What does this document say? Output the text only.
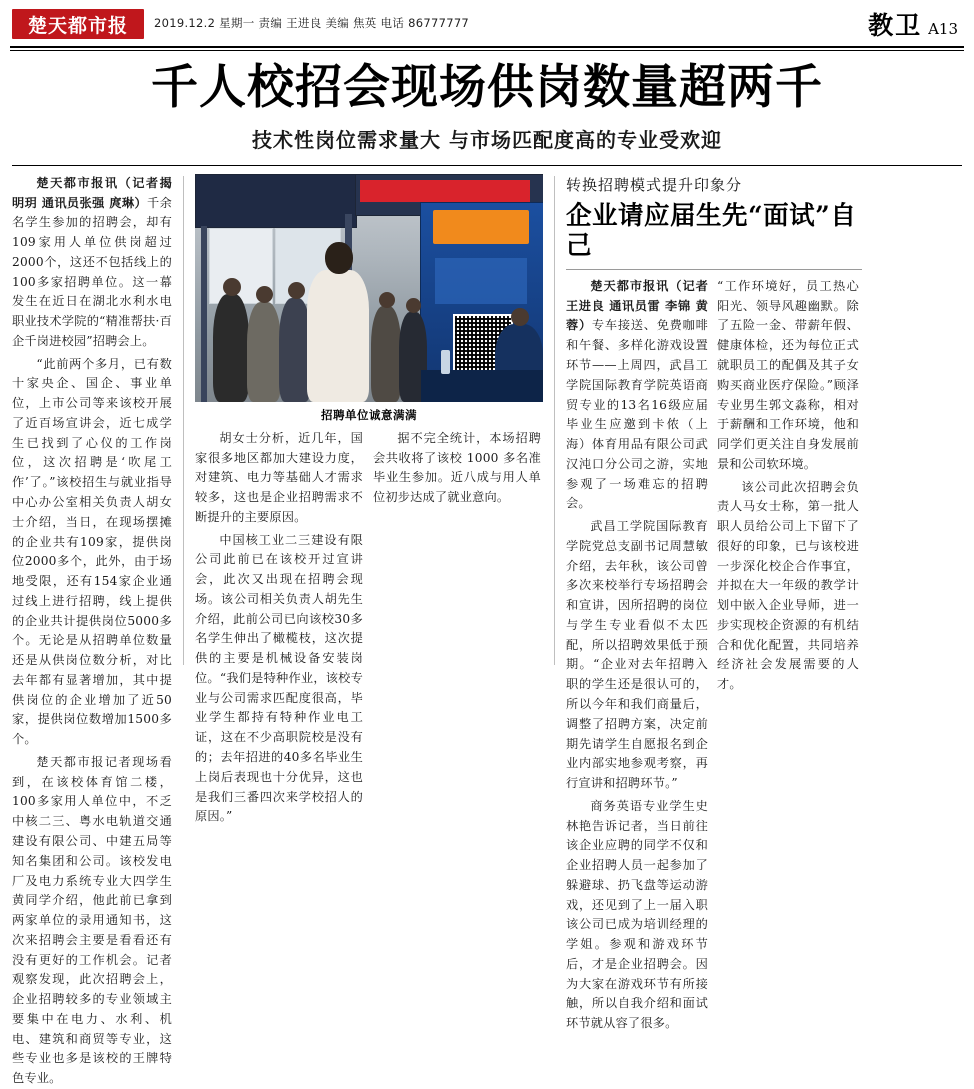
楚天都市报	2019.12.2 星期一 责编 王进良 美编 焦英 电话 86777777	教卫 A13
千人校招会现场供岗数量超两千
技术性岗位需求量大 与市场匹配度高的专业受欢迎

楚天都市报讯（记者揭明玥 通讯员张强 庹琳）千余名学生参加的招聘会，却有109家用人单位供岗超过2000个，这还不包括线上的100多家招聘单位。这一幕发生在近日在湖北水利水电职业技术学院的“精准帮扶·百企千岗进校园”招聘会上。

“此前两个多月，已有数十家央企、国企、事业单位，上市公司等来该校开展了近百场宣讲会，近七成学生已找到了心仪的工作岗位，这次招聘是‘吹尾工作’了。”该校招生与就业指导中心办公室相关负责人胡女士介绍，当日，在现场摆摊的企业共有109家，提供岗位2000多个，此外，由于场地受限，还有154家企业通过线上进行招聘，线上提供的企业共计提供岗位5000多个。无论是从招聘单位数量还是从供岗位数分析，对比去年都有显著增加，其中提供岗位的企业增加了近50家，提供岗位数增加1500多个。

楚天都市报记者现场看到，在该校体育馆二楼，100多家用人单位中，不乏中核二三、粤水电轨道交通建设有限公司、中建五局等知名集团和公司。该校发电厂及电力系统专业大四学生黄同学介绍，他此前已拿到两家单位的录用通知书，这次来招聘会主要是看看还有没有更好的工作机会。记者观察发现，此次招聘会上，企业招聘较多的专业领域主要集中在电力、水利、机电、建筑和商贸等专业，这些专业也多是该校的王牌特色专业。

招聘单位诚意满满

胡女士分析，近几年，国家很多地区都加大建设力度，对建筑、电力等基础人才需求较多，这也是企业招聘需求不断提升的主要原因。

中国核工业二三建设有限公司此前已在该校开过宣讲会，此次又出现在招聘会现场。该公司相关负责人胡先生介绍，此前公司已向该校30多名学生伸出了橄榄枝，这次提供的主要是机械设备安装岗位。“我们是特种作业，该校专业与公司需求匹配度很高，毕业学生都持有特种作业电工证，这在不少高职院校是没有的；去年招进的40多名毕业生上岗后表现也十分优异，这也是我们三番四次来学校招人的原因。”

据不完全统计，本场招聘会共收将了该校 1000 多名准毕业生参加。近八成与用人单位初步达成了就业意向。

转换招聘模式提升印象分
企业请应届生先“面试”自己

楚天都市报讯（记者王进良 通讯员雷 李锦 黄蓉）专车接送、免费咖啡和午餐、多样化游戏设置环节——上周四，武昌工学院国际教育学院英语商贸专业的13名16级应届毕业生应邀到卡侬（上海）体育用品有限公司武汉沌口分公司之游，实地参观了一场难忘的招聘会。

武昌工学院国际教育学院党总支副书记周慧敏介绍，去年秋，该公司曾多次来校举行专场招聘会和宣讲，因所招聘的岗位与学生专业看似不太匹配，所以招聘效果低于预期。“企业对去年招聘入职的学生还是很认可的，所以今年和我们商量后，调整了招聘方案，决定前期先请学生自愿报名到企业内部实地参观考察，再行宣讲和招聘环节。”

商务英语专业学生史林艳告诉记者，当日前往该企业应聘的同学不仅和企业招聘人员一起参加了躲避球、扔飞盘等运动游戏，还见到了上一届入职该公司已成为培训经理的学姐。参观和游戏环节后，才是企业招聘会。因为大家在游戏环节有所接触，所以自我介绍和面试环节就从容了很多。

“工作环境好，员工热心阳光、领导风趣幽默。除了五险一金、带薪年假、健康体检，还为每位正式就职员工的配偶及其子女购买商业医疗保险。”顾泽专业男生郭文淼称，相对于薪酬和工作环境，他和同学们更关注自身发展前景和公司软环境。

该公司此次招聘会负责人马女士称，第一批人职人员给公司上下留下了很好的印象，已与该校进一步深化校企合作事宜，并拟在大一年级的教学计划中嵌入企业导师，进一步实现校企资源的有机结合和优化配置，共同培养经济社会发展需要的人才。
